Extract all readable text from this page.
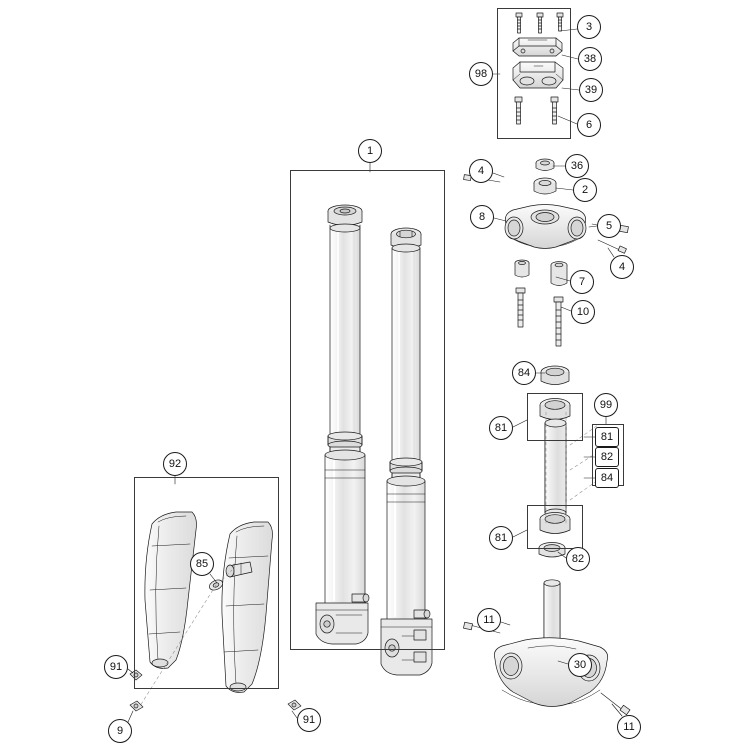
1
98
3
38
39
6
36
2
4
8
5
4
7
10
84
81
99
81
82
84
81
82
11
30
11
92
85
91
9
91
